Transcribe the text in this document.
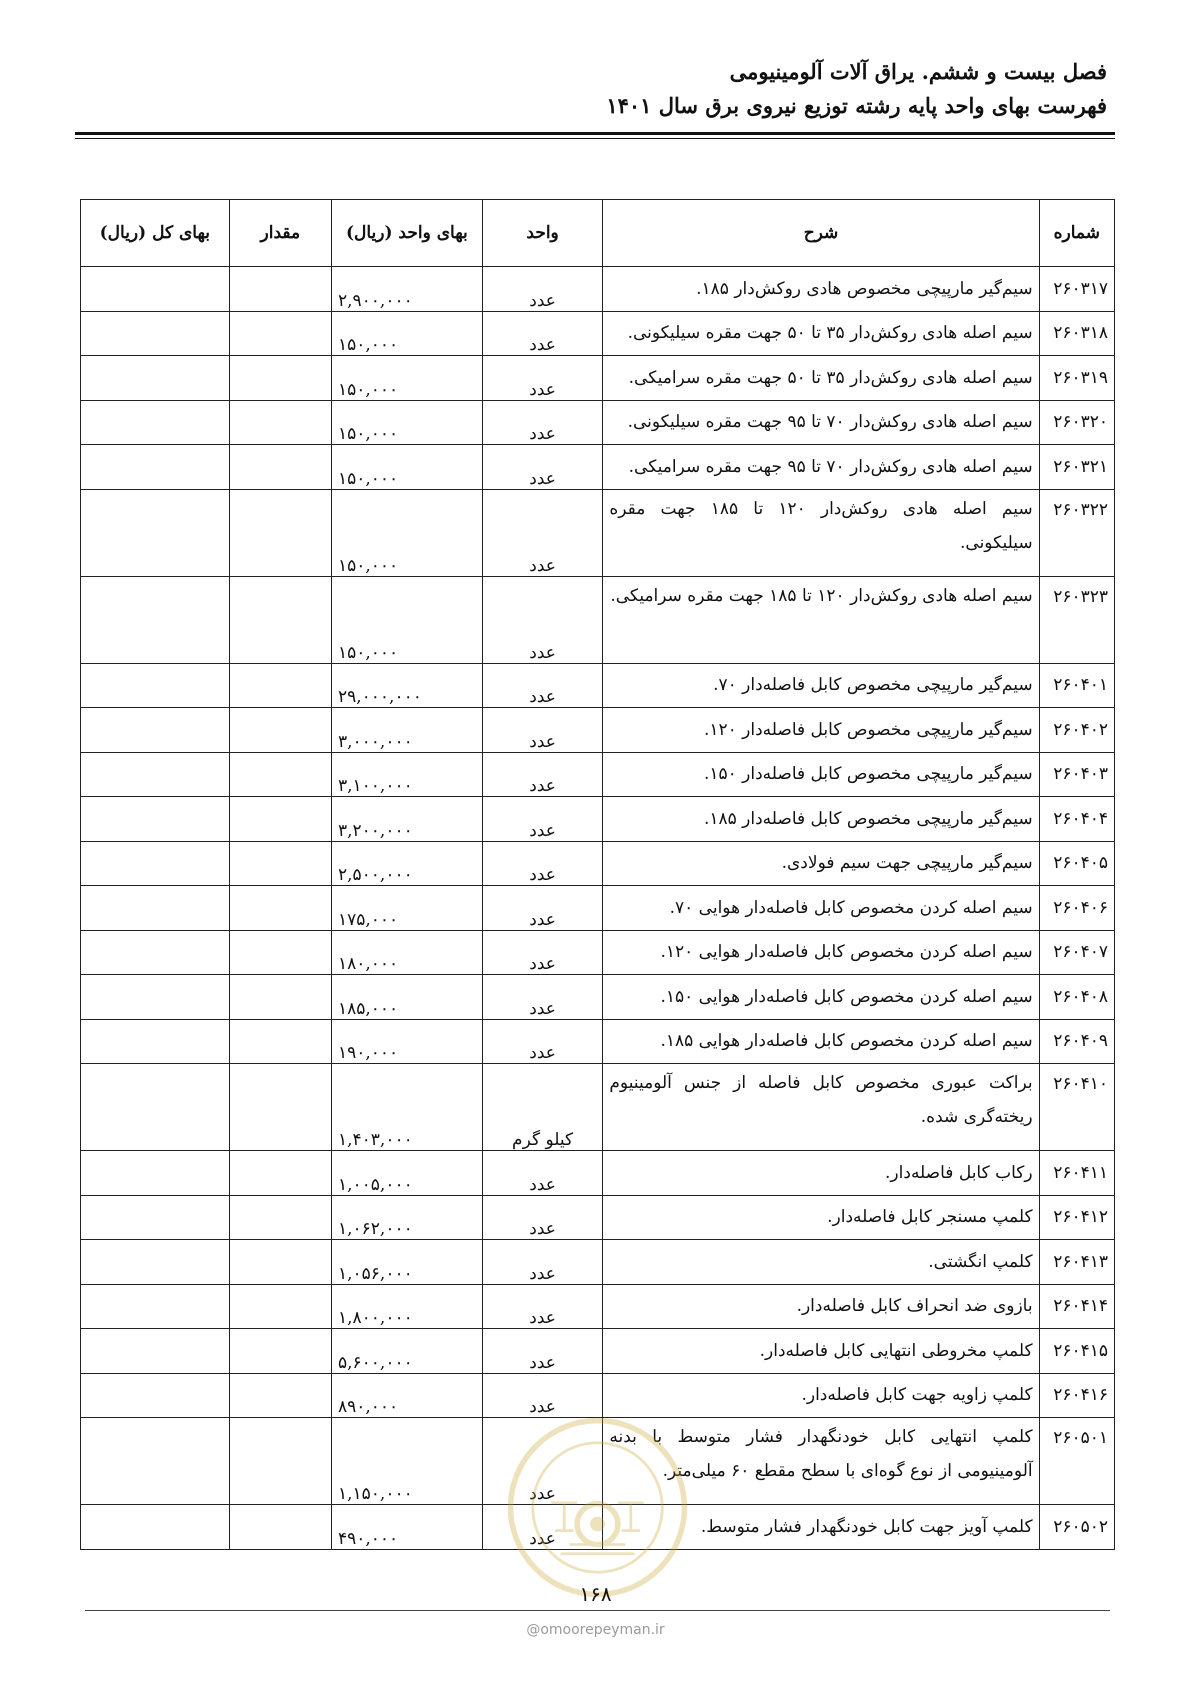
فصل بیست و ششم. یراق آلات آلومینیومی
فهرست بهای واحد پایه رشته توزیع نیروی برق سال ۱۴۰۱
شماره	شرح	واحد	بهای واحد (ریال)	مقدار	بهای کل (ریال)
۲۶۰۳۱۷	سیم‌گیر مارپیچی مخصوص هادی روکش‌دار ۱۸۵.	عدد	۲,۹۰۰,۰۰۰		
۲۶۰۳۱۸	سیم اصله هادی روکش‌دار ۳۵ تا ۵۰ جهت مقره سیلیکونی.	عدد	۱۵۰,۰۰۰		
۲۶۰۳۱۹	سیم اصله هادی روکش‌دار ۳۵ تا ۵۰ جهت مقره سرامیکی.	عدد	۱۵۰,۰۰۰		
۲۶۰۳۲۰	سیم اصله هادی روکش‌دار ۷۰ تا ۹۵ جهت مقره سیلیکونی.	عدد	۱۵۰,۰۰۰		
۲۶۰۳۲۱	سیم اصله هادی روکش‌دار ۷۰ تا ۹۵ جهت مقره سرامیکی.	عدد	۱۵۰,۰۰۰		
۲۶۰۳۲۲	سیم اصله هادی روکش‌دار ۱۲۰ تا ۱۸۵ جهت مقره سیلیکونی.	عدد	۱۵۰,۰۰۰		
۲۶۰۳۲۳	سیم اصله هادی روکش‌دار ۱۲۰ تا ۱۸۵ جهت مقره سرامیکی.	عدد	۱۵۰,۰۰۰		
۲۶۰۴۰۱	سیم‌گیر مارپیچی مخصوص کابل فاصله‌دار ۷۰.	عدد	۲۹,۰۰۰,۰۰۰		
۲۶۰۴۰۲	سیم‌گیر مارپیچی مخصوص کابل فاصله‌دار ۱۲۰.	عدد	۳,۰۰۰,۰۰۰		
۲۶۰۴۰۳	سیم‌گیر مارپیچی مخصوص کابل فاصله‌دار ۱۵۰.	عدد	۳,۱۰۰,۰۰۰		
۲۶۰۴۰۴	سیم‌گیر مارپیچی مخصوص کابل فاصله‌دار ۱۸۵.	عدد	۳,۲۰۰,۰۰۰		
۲۶۰۴۰۵	سیم‌گیر مارپیچی جهت سیم فولادی.	عدد	۲,۵۰۰,۰۰۰		
۲۶۰۴۰۶	سیم اصله کردن مخصوص کابل فاصله‌دار هوایی ۷۰.	عدد	۱۷۵,۰۰۰		
۲۶۰۴۰۷	سیم اصله کردن مخصوص کابل فاصله‌دار هوایی ۱۲۰.	عدد	۱۸۰,۰۰۰		
۲۶۰۴۰۸	سیم اصله کردن مخصوص کابل فاصله‌دار هوایی ۱۵۰.	عدد	۱۸۵,۰۰۰		
۲۶۰۴۰۹	سیم اصله کردن مخصوص کابل فاصله‌دار هوایی ۱۸۵.	عدد	۱۹۰,۰۰۰		
۲۶۰۴۱۰	براکت عبوری مخصوص کابل فاصله از جنس آلومینیوم ریخته‌گری شده.	کیلو گرم	۱,۴۰۳,۰۰۰		
۲۶۰۴۱۱	رکاب کابل فاصله‌دار.	عدد	۱,۰۰۵,۰۰۰		
۲۶۰۴۱۲	کلمپ مسنجر کابل فاصله‌دار.	عدد	۱,۰۶۲,۰۰۰		
۲۶۰۴۱۳	کلمپ انگشتی.	عدد	۱,۰۵۶,۰۰۰		
۲۶۰۴۱۴	بازوی ضد انحراف کابل فاصله‌دار.	عدد	۱,۸۰۰,۰۰۰		
۲۶۰۴۱۵	کلمپ مخروطی انتهایی کابل فاصله‌دار.	عدد	۵,۶۰۰,۰۰۰		
۲۶۰۴۱۶	کلمپ زاویه جهت کابل فاصله‌دار.	عدد	۸۹۰,۰۰۰		
۲۶۰۵۰۱	کلمپ انتهایی کابل خودنگهدار فشار متوسط با بدنه آلومینیومی از نوع گوه‌ای با سطح مقطع ۶۰ میلی‌متر.	عدد	۱,۱۵۰,۰۰۰		
۲۶۰۵۰۲	کلمپ آویز جهت کابل خودنگهدار فشار متوسط.	عدد	۴۹۰,۰۰۰		
۱۶۸
@omoorepeyman.ir
